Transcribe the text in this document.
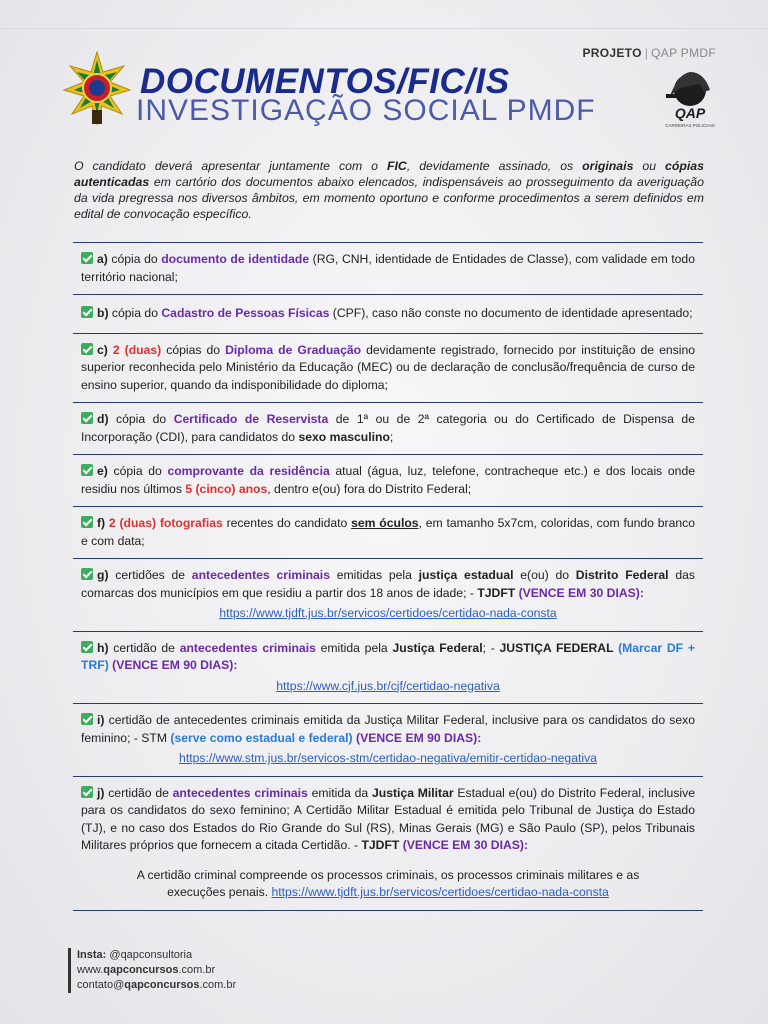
PROJETO | QAP PMDF
DOCUMENTOS/FIC/IS
INVESTIGAÇÃO SOCIAL PMDF	QAP
CARREIRAS POLICIAIS
O candidato deverá apresentar juntamente com o FIC, devidamente assinado, os originais ou cópias autenticadas em cartório dos documentos abaixo elencados, indispensáveis ao prosseguimento da averiguação da vida pregressa nos diversos âmbitos, em momento oportuno e conforme procedimentos a serem definidos em edital de convocação específico.
a) cópia do documento de identidade (RG, CNH, identidade de Entidades de Classe), com validade em todo território nacional;
b) cópia do Cadastro de Pessoas Físicas (CPF), caso não conste no documento de identidade apresentado;
c) 2 (duas) cópias do Diploma de Graduação devidamente registrado, fornecido por instituição de ensino superior reconhecida pelo Ministério da Educação (MEC) ou de declaração de conclusão/frequência de curso de ensino superior, quando da indisponibilidade do diploma;
d) cópia do Certificado de Reservista de 1ª ou de 2ª categoria ou do Certificado de Dispensa de Incorporação (CDI), para candidatos do sexo masculino;
e) cópia do comprovante da residência atual (água, luz, telefone, contracheque etc.) e dos locais onde residiu nos últimos 5 (cinco) anos, dentro e(ou) fora do Distrito Federal;
f) 2 (duas) fotografias recentes do candidato sem óculos, em tamanho 5x7cm, coloridas, com fundo branco e com data;
g) certidões de antecedentes criminais emitidas pela justiça estadual e(ou) do Distrito Federal das comarcas dos municípios em que residiu a partir dos 18 anos de idade; - TJDFT (VENCE EM 30 DIAS):
https://www.tjdft.jus.br/servicos/certidoes/certidao-nada-consta
h) certidão de antecedentes criminais emitida pela Justiça Federal; - JUSTIÇA FEDERAL (Marcar DF + TRF) (VENCE EM 90 DIAS):
https://www.cjf.jus.br/cjf/certidao-negativa
i) certidão de antecedentes criminais emitida da Justiça Militar Federal, inclusive para os candidatos do sexo feminino; - STM (serve como estadual e federal) (VENCE EM 90 DIAS):
https://www.stm.jus.br/servicos-stm/certidao-negativa/emitir-certidao-negativa
j) certidão de antecedentes criminais emitida da Justiça Militar Estadual e(ou) do Distrito Federal, inclusive para os candidatos do sexo feminino; A Certidão Militar Estadual é emitida pelo Tribunal de Justiça do Estado (TJ), e no caso dos Estados do Rio Grande do Sul (RS), Minas Gerais (MG) e São Paulo (SP), pelos Tribunais Militares próprios que fornecem a citada Certidão. - TJDFT (VENCE EM 30 DIAS):
A certidão criminal compreende os processos criminais, os processos criminais militares e as execuções penais. https://www.tjdft.jus.br/servicos/certidoes/certidao-nada-consta
Insta: @qapconsultoria
www.qapconcursos.com.br
contato@qapconcursos.com.br
